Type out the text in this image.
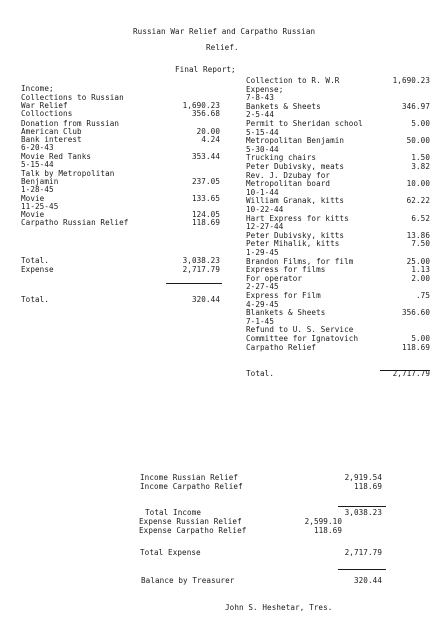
Russian War Relief and Carpatho Russian
Relief.
Final Report;
Income;
Collections to Russian
War Relief	1,690.23
Colloctions	356.68
Donation from Russian
American Club	20.00
Bank interest	4.24
6-20-43
Movie Red Tanks	353.44
5-15-44
Talk by Metropolitan
Benjamin	237.05
1-28-45
Movie	133.65
11-25-45
Movie	124.05
Carpatho Russian Relief	118.69
Total.	3,038.23
Expense	2,717.79
Total.	320.44
Collection to R. W.R	1,690.23
Expense;
7-8-43
Bankets & Sheets	346.97
2-5-44
Permit to Sheridan school	5.00
5-15-44
Metropolitan Benjamin	50.00
5-30-44
Trucking chairs	1.50
Peter Dubivsky, meats	3.82
Rev. J. Dzubay for
Metropolitan board	10.00
10-1-44
William Granak, kitts	62.22
10-22-44
Hart Express for kitts	6.52
12-27-44
Peter Dubivsky, kitts	13.86
Peter Mihalik, kitts	7.50
1-29-45
Brandon Films, for film	25.00
Express for films	1.13
For operator	2.00
2-27-45
Express for Film	.75
4-29-45
Blankets & Sheets	356.60
7-1-45
Refund to U. S. Service
Committee for Ignatovich	5.00
Carpatho Relief	118.69
Total.	2,717.79
Income Russian Relief	2,919.54
Income Carpatho Relief	118.69
Total Income	3,038.23
Expense Russian Relief	2,599.10
Expense Carpatho Relief	118.69
Total Expense	2,717.79
Balance by Treasurer	320.44
John S. Heshetar, Tres.
